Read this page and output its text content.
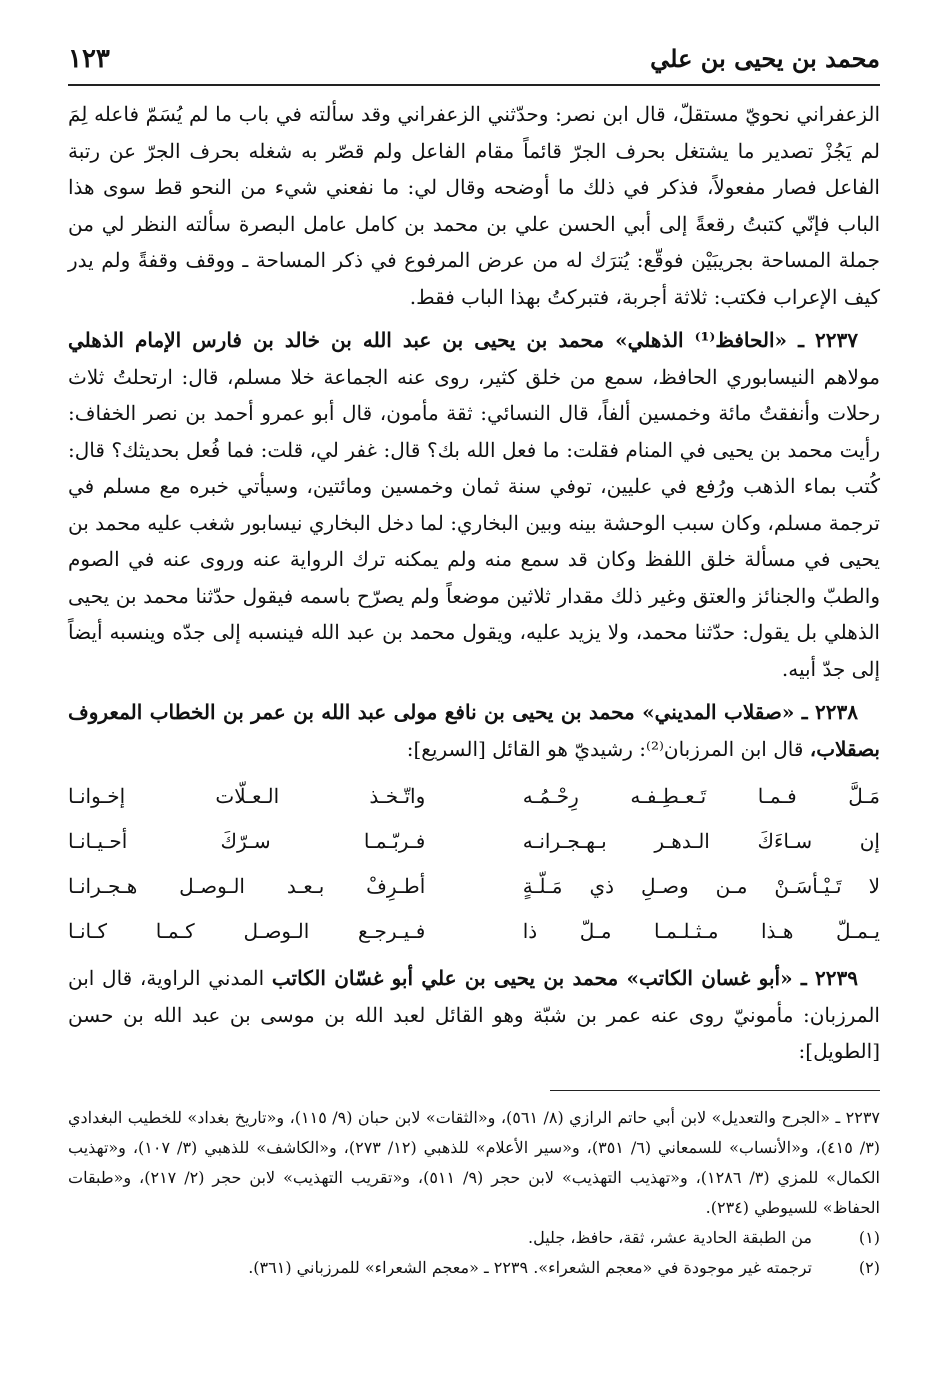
محمد بن يحيى بن علي
١٢٣

الزعفراني نحويّ مستقلّ، قال ابن نصر: وحدّثني الزعفراني وقد سألته في باب ما لم يُسَمّ فاعله لِمَ لم يَجُزْ تصدير ما يشتغل بحرف الجرّ قائماً مقام الفاعل ولم قصّر به شغله بحرف الجرّ عن رتبة الفاعل فصار مفعولاً، فذكر في ذلك ما أوضحه وقال لي: ما نفعني شيء من النحو قط سوى هذا الباب فإنّي كتبتُ رقعةً إلى أبي الحسن علي بن محمد بن كامل عامل البصرة سألته النظر لي من جملة المساحة بجريبَيْن فوقّع: يُترَك له من عرض المرفوع في ذكر المساحة ـ ووقف وقفةً ولم يدر كيف الإعراب فكتب: ثلاثة أجربة، فتبركتُ بهذا الباب فقط.

٢٢٣٧ ـ «الحافظ⁽¹⁾ الذهلي» محمد بن يحيى بن عبد الله بن خالد بن فارس الإمام الذهلي مولاهم النيسابوري الحافظ، سمع من خلق كثير، روى عنه الجماعة خلا مسلم، قال: ارتحلتُ ثلاث رحلات وأنفقتُ مائة وخمسين ألفاً، قال النسائي: ثقة مأمون، قال أبو عمرو أحمد بن نصر الخفاف: رأيت محمد بن يحيى في المنام فقلت: ما فعل الله بك؟ قال: غفر لي، قلت: فما فُعل بحديثك؟ قال: كُتب بماء الذهب ورُفع في عليين، توفي سنة ثمان وخمسين ومائتين، وسيأتي خبره مع مسلم في ترجمة مسلم، وكان سبب الوحشة بينه وبين البخاري: لما دخل البخاري نيسابور شغب عليه محمد بن يحيى في مسألة خلق اللفظ وكان قد سمع منه ولم يمكنه ترك الرواية عنه وروى عنه في الصوم والطبّ والجنائز والعتق وغير ذلك مقدار ثلاثين موضعاً ولم يصرّح باسمه فيقول حدّثنا محمد بن يحيى الذهلي بل يقول: حدّثنا محمد، ولا يزيد عليه، ويقول محمد بن عبد الله فينسبه إلى جدّه وينسبه أيضاً إلى جدّ أبيه.

٢٢٣٨ ـ «صقلاب المديني» محمد بن يحيى بن نافع مولى عبد الله بن عمر بن الخطاب المعروف بصقلاب، قال ابن المرزبان⁽²⁾: رشيديّ هو القائل [السريع]:

مَـلَّ فـمـا تَـعـطِـفـه رِحْـمُـه
واتّـخـذ الـعـلّات إخـوانـا
إن سـاءَكَ الـدهـر بـهـجـرانـه
فـربّـمـا سـرّكَ أحـيـانـا
لا تَـيْـأسَـنْ مـن وصـلِ ذي مَـلّـةٍ
أطـرِفْ بـعـد الـوصـل هـجـرانـا
يـمـلّ هـذا مـثـلـمـا مـلّ ذا
فـيـرجـع الـوصـل كـمـا كـانـا

٢٢٣٩ ـ «أبو غسان الكاتب» محمد بن يحيى بن علي أبو غسّان الكاتب المدني الراوية، قال ابن المرزبان: مأمونيّ روى عنه عمر بن شبّة وهو القائل لعبد الله بن موسى بن عبد الله بن حسن [الطويل]:

٢٢٣٧ ـ «الجرح والتعديل» لابن أبي حاتم الرازي (٨/ ٥٦١)، و«الثقات» لابن حبان (٩/ ١١٥)، و«تاريخ بغداد» للخطيب البغدادي (٣/ ٤١٥)، و«الأنساب» للسمعاني (٦/ ٣٥١)، و«سير الأعلام» للذهبي (١٢/ ٢٧٣)، و«الكاشف» للذهبي (٣/ ١٠٧)، و«تهذيب الكمال» للمزي (٣/ ١٢٨٦)، و«تهذيب التهذيب» لابن حجر (٩/ ٥١١)، و«تقريب التهذيب» لابن حجر (٢/ ٢١٧)، و«طبقات الحفاظ» للسيوطي (٢٣٤).

(١)
من الطبقة الحادية عشر، ثقة، حافظ، جليل.
(٢)
ترجمته غير موجودة في «معجم الشعراء». ٢٢٣٩ ـ «معجم الشعراء» للمرزباني (٣٦١).
